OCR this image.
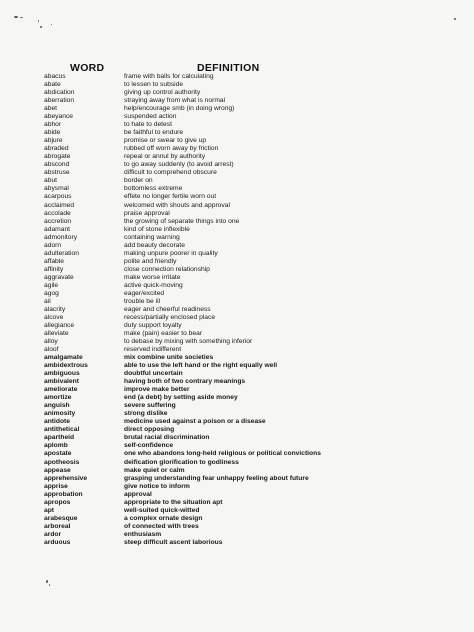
WORD	DEFINITION
abacus	frame with balls for calculating
abate	to lessen to subside
abdication	giving up control authority
aberration	straying away from what is normal
abet	help/encourage smb (in doing wrong)
abeyance	suspended action
abhor	to hate to detest
abide	be faithful to endure
abjure	promise or swear to give up
abraded	rubbed off worn away by friction
abrogate	repeal or annul by authority
abscond	to go away suddenly (to avoid arrest)
abstruse	difficult to comprehend obscure
abut	border on
abysmal	bottomless extreme
acarpous	effete no longer fertile worn out
acclaimed	welcomed with shouts and approval
accolade	praise approval
accretion	the growing of separate things into one
adamant	kind of stone inflexible
admonitory	containing warning
adorn	add beauty decorate
adulteration	making unpure poorer in quality
affable	polite and friendly
affinity	close connection relationship
aggravate	make worse irritate
agile	active quick-moving
agog	eager/excited
ail	trouble be ill
alacrity	eager and cheerful readiness
alcove	recess/partially enclosed place
allegiance	duty support loyalty
alleviate	make (pain) easier to bear
alloy	to debase by mixing with something inferior
aloof	reserved indifferent
amalgamate	mix combine unite societies
ambidextrous	able to use the left hand or the right equally well
ambiguous	doubtful uncertain
ambivalent	having both of two contrary meanings
ameliorate	improve make better
amortize	end (a debt) by setting aside money
anguish	severe suffering
animosity	strong dislike
antidote	medicine used against a poison or a disease
antithetical	direct opposing
apartheid	brutal racial discrimination
aplomb	self-confidence
apostate	one who abandons long-held religious or political convictions
apotheosis	deification glorification to godliness
appease	make quiet or calm
apprehensive	grasping understanding fear unhappy feeling about future
apprise	give notice to inform
approbation	approval
apropos	appropriate to the situation apt
apt	well-suited quick-witted
arabesque	a complex ornate design
arboreal	of connected with trees
ardor	enthusiasm
arduous	steep difficult ascent laborious
